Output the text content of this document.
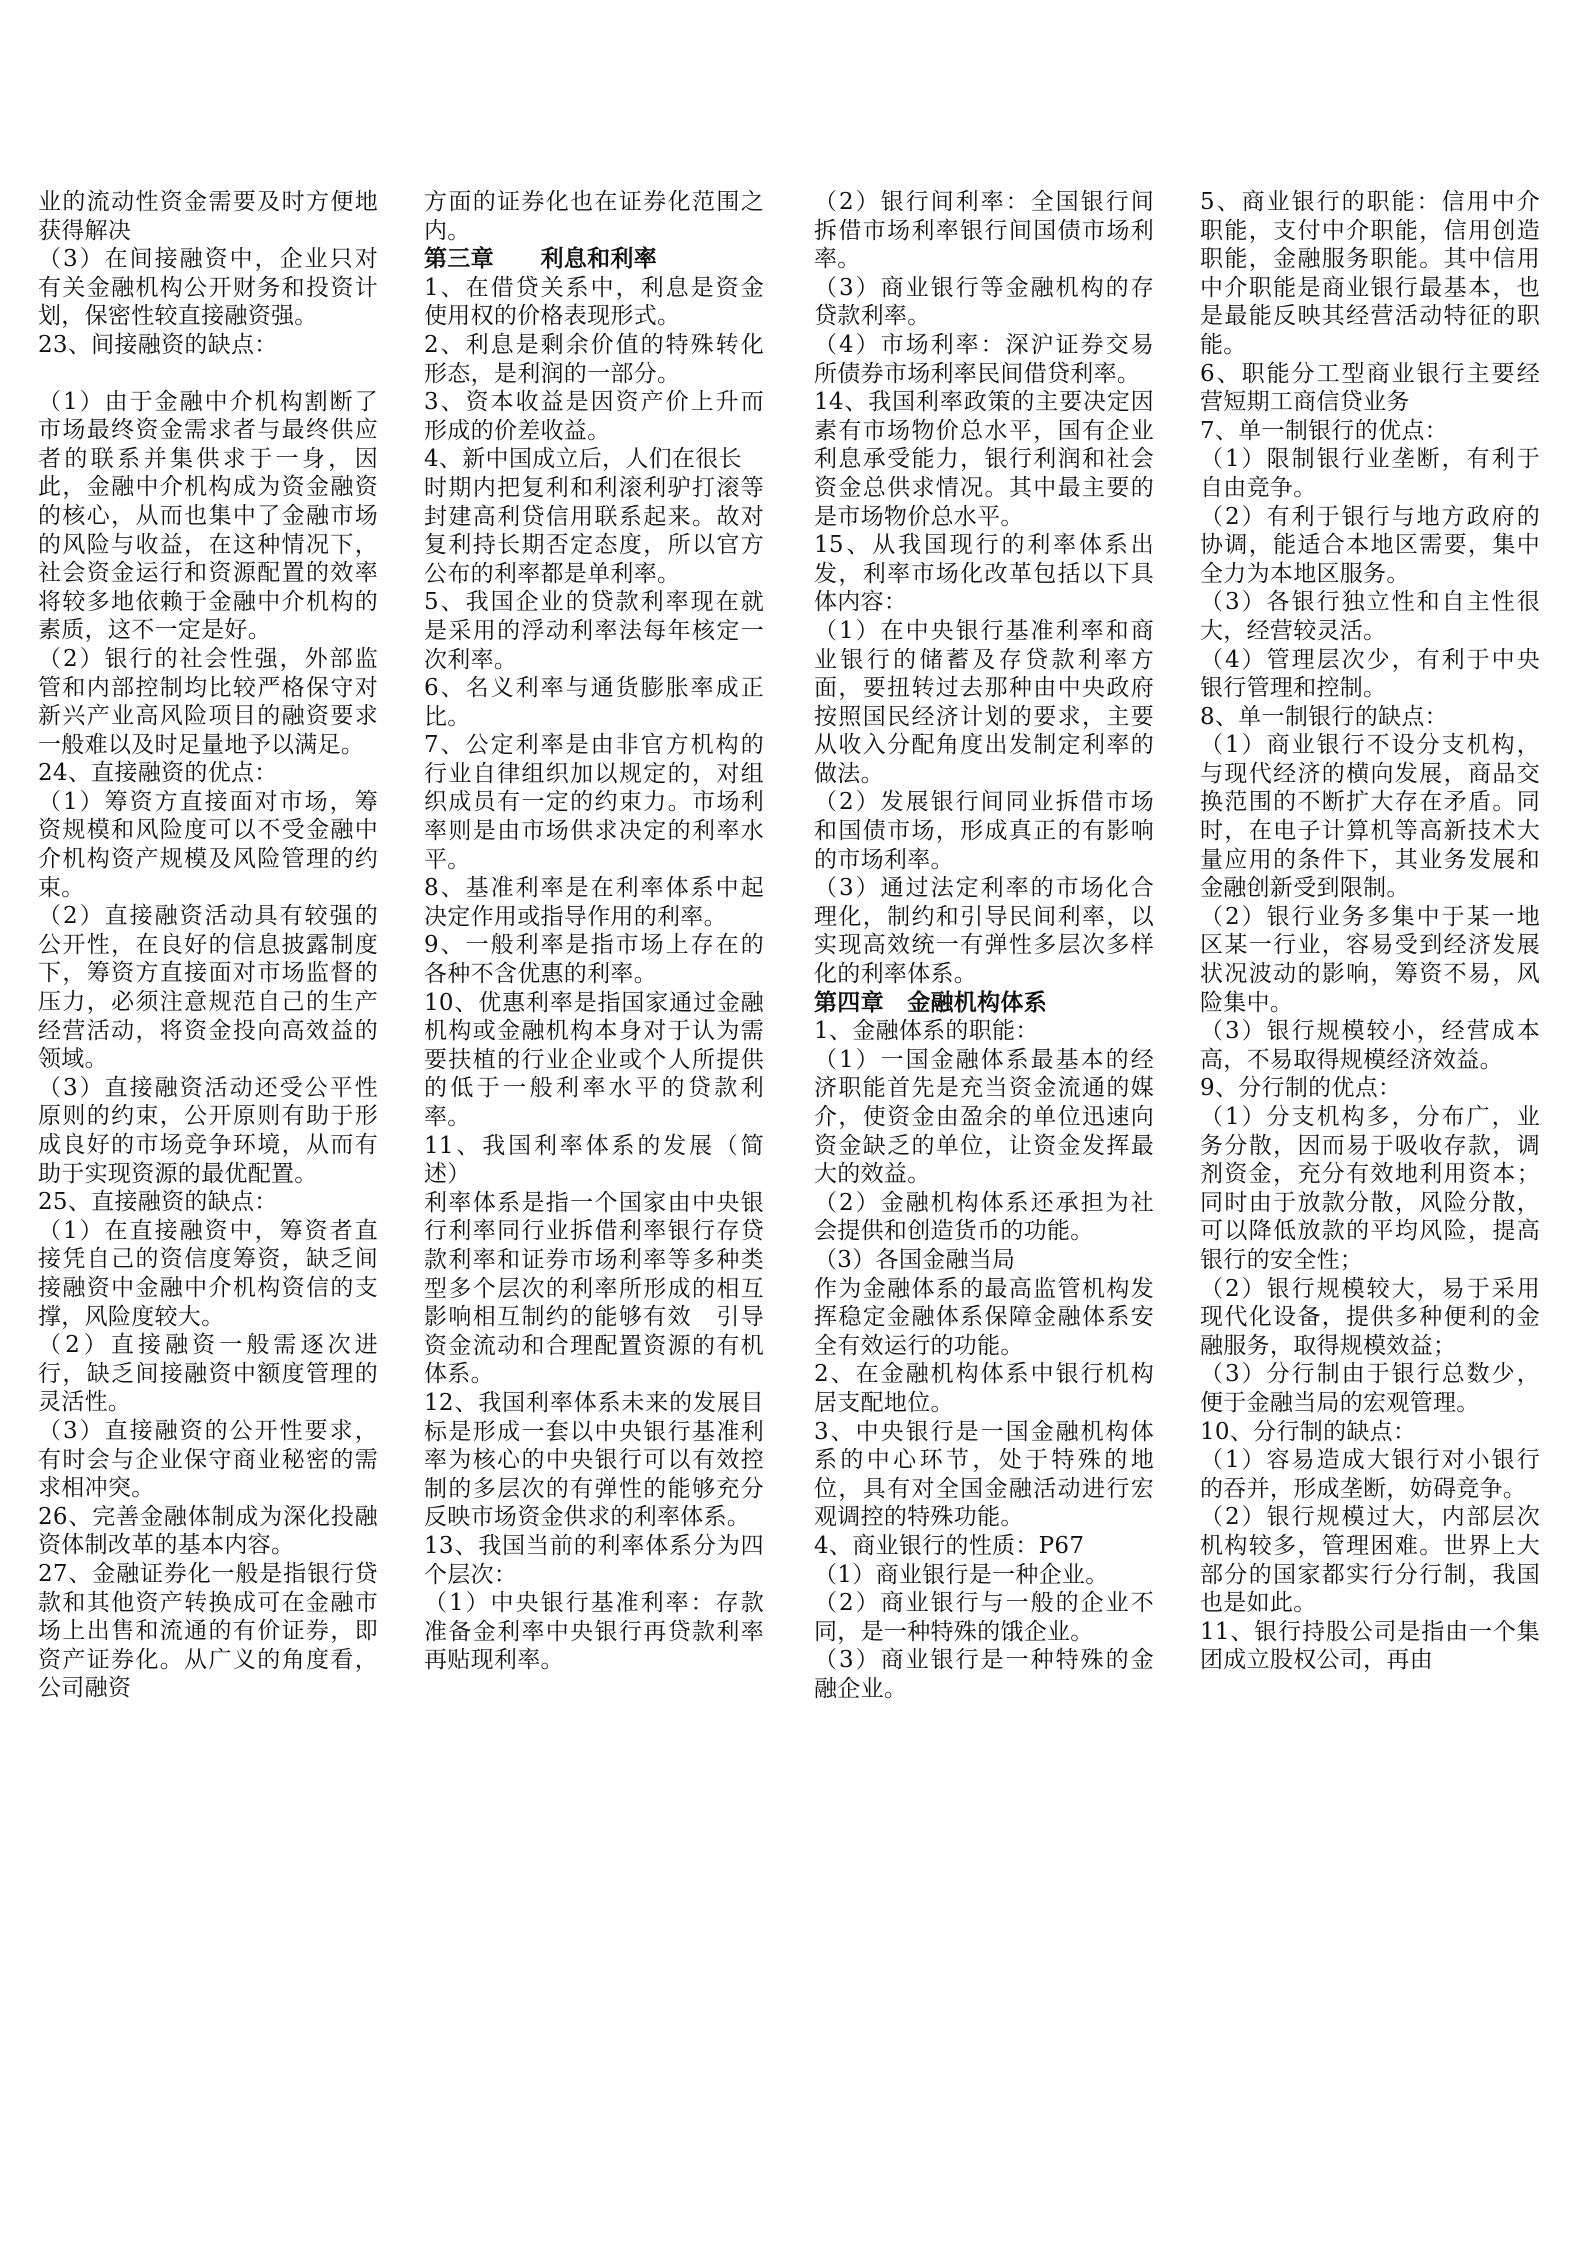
业的流动性资金需要及时方便地获得解决

（3）在间接融资中，企业只对有关金融机构公开财务和投资计划，保密性较直接融资强。

23、间接融资的缺点：

（1）由于金融中介机构割断了市场最终资金需求者与最终供应者的联系并集供求于一身，因此，金融中介机构成为资金融资的核心，从而也集中了金融市场的风险与收益，在这种情况下，社会资金运行和资源配置的效率将较多地依赖于金融中介机构的素质，这不一定是好。

（2）银行的社会性强，外部监管和内部控制均比较严格保守对新兴产业高风险项目的融资要求一般难以及时足量地予以满足。

24、直接融资的优点：

（1）筹资方直接面对市场，筹资规模和风险度可以不受金融中介机构资产规模及风险管理的约束。

（2）直接融资活动具有较强的公开性，在良好的信息披露制度下，筹资方直接面对市场监督的压力，必须注意规范自己的生产经营活动，将资金投向高效益的领域。

（3）直接融资活动还受公平性原则的约束，公开原则有助于形成良好的市场竞争环境，从而有助于实现资源的最优配置。

25、直接融资的缺点：

（1）在直接融资中，筹资者直接凭自己的资信度筹资，缺乏间接融资中金融中介机构资信的支撑，风险度较大。

（2）直接融资一般需逐次进行，缺乏间接融资中额度管理的灵活性。

（3）直接融资的公开性要求，有时会与企业保守商业秘密的需求相冲突。

26、完善金融体制成为深化投融资体制改革的基本内容。

27、金融证券化一般是指银行贷款和其他资产转换成可在金融市场上出售和流通的有价证券，即资产证券化。从广义的角度看，公司融资

方面的证券化也在证券化范围之内。

第三章　　利息和利率

1、在借贷关系中，利息是资金使用权的价格表现形式。

2、利息是剩余价值的特殊转化形态，是利润的一部分。

3、资本收益是因资产价上升而形成的价差收益。

4、新中国成立后，人们在很长

时期内把复利和利滚利驴打滚等封建高利贷信用联系起来。故对复利持长期否定态度，所以官方公布的利率都是单利率。

5、我国企业的贷款利率现在就是采用的浮动利率法每年核定一次利率。

6、名义利率与通货膨胀率成正比。

7、公定利率是由非官方机构的行业自律组织加以规定的，对组织成员有一定的约束力。市场利率则是由市场供求决定的利率水平。

8、基准利率是在利率体系中起决定作用或指导作用的利率。

9、一般利率是指市场上存在的各种不含优惠的利率。

10、优惠利率是指国家通过金融机构或金融机构本身对于认为需要扶植的行业企业或个人所提供的低于一般利率水平的贷款利率。

11、我国利率体系的发展（简述）

利率体系是指一个国家由中央银行利率同行业拆借利率银行存贷款利率和证券市场利率等多种类型多个层次的利率所形成的相互影响相互制约的能够有效　引导资金流动和合理配置资源的有机体系。

12、我国利率体系未来的发展目标是形成一套以中央银行基准利率为核心的中央银行可以有效控制的多层次的有弹性的能够充分反映市场资金供求的利率体系。

13、我国当前的利率体系分为四个层次：

（1）中央银行基准利率：存款准备金利率中央银行再贷款利率再贴现利率。

（2）银行间利率：全国银行间拆借市场利率银行间国债市场利率。

（3）商业银行等金融机构的存贷款利率。

（4）市场利率：深沪证券交易所债券市场利率民间借贷利率。

14、我国利率政策的主要决定因素有市场物价总水平，国有企业利息承受能力，银行利润和社会资金总供求情况。其中最主要的是市场物价总水平。

15、从我国现行的利率体系出发，利率市场化改革包括以下具体内容：

（1）在中央银行基准利率和商业银行的储蓄及存贷款利率方面，要扭转过去那种由中央政府按照国民经济计划的要求，主要从收入分配角度出发制定利率的做法。

（2）发展银行间同业拆借市场和国债市场，形成真正的有影响的市场利率。

（3）通过法定利率的市场化合理化，制约和引导民间利率，以实现高效统一有弹性多层次多样化的利率体系。

第四章　金融机构体系

1、金融体系的职能：

（1）一国金融体系最基本的经济职能首先是充当资金流通的媒介，使资金由盈余的单位迅速向资金缺乏的单位，让资金发挥最大的效益。

（2）金融机构体系还承担为社会提供和创造货币的功能。

（3）各国金融当局

作为金融体系的最高监管机构发挥稳定金融体系保障金融体系安全有效运行的功能。

2、在金融机构体系中银行机构居支配地位。

3、中央银行是一国金融机构体系的中心环节，处于特殊的地位，具有对全国金融活动进行宏观调控的特殊功能。

4、商业银行的性质：P67

（1）商业银行是一种企业。

（2）商业银行与一般的企业不同，是一种特殊的饿企业。

（3）商业银行是一种特殊的金融企业。

5、商业银行的职能：信用中介职能，支付中介职能，信用创造职能，金融服务职能。其中信用中介职能是商业银行最基本，也是最能反映其经营活动特征的职能。

6、职能分工型商业银行主要经营短期工商信贷业务

7、单一制银行的优点：

（1）限制银行业垄断，有利于自由竞争。

（2）有利于银行与地方政府的协调，能适合本地区需要，集中全力为本地区服务。

（3）各银行独立性和自主性很大，经营较灵活。

（4）管理层次少，有利于中央银行管理和控制。

8、单一制银行的缺点：

（1）商业银行不设分支机构，与现代经济的横向发展，商品交换范围的不断扩大存在矛盾。同时，在电子计算机等高新技术大量应用的条件下，其业务发展和金融创新受到限制。

（2）银行业务多集中于某一地区某一行业，容易受到经济发展状况波动的影响，筹资不易，风险集中。

（3）银行规模较小，经营成本高，不易取得规模经济效益。

9、分行制的优点：

（1）分支机构多，分布广，业务分散，因而易于吸收存款，调剂资金，充分有效地利用资本；同时由于放款分散，风险分散，可以降低放款的平均风险，提高银行的安全性；

（2）银行规模较大，易于采用现代化设备，提供多种便利的金融服务，取得规模效益；

（3）分行制由于银行总数少，便于金融当局的宏观管理。

10、分行制的缺点：

（1）容易造成大银行对小银行的吞并，形成垄断，妨碍竞争。

（2）银行规模过大，内部层次机构较多，管理困难。世界上大部分的国家都实行分行制，我国也是如此。

11、银行持股公司是指由一个集团成立股权公司，再由
